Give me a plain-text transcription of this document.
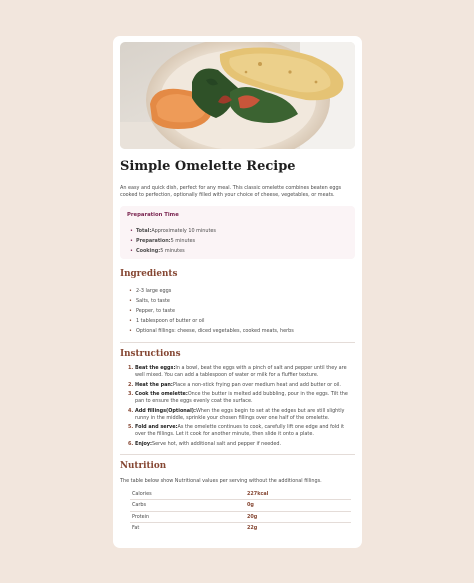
Simple Omelette Recipe

An easy and quick dish, perfect for any meal. This classic omelette combines beaten eggs cooked to perfection, optionally filled with your choice of cheese, vegetables, or meats.

Preparation Time
• Total:Approximately 10 minutes
• Preparation:5 minutes
• Cooking:5 minutes
Ingredients
• 2-3 large eggs
• Salts, to taste
• Pepper, to taste
• 1 tablespoon of butter or oil
• Optional fillings: cheese, diced vegetables, cooked meats, herbs
Instructions
1. Beat the eggs:In a bowl, beat the eggs with a pinch of salt and pepper until they are well mixed. You can add a tablespoon of water or milk for a fluffier texture.
2. Heat the pan:Place a non-stick frying pan over medium heat and add butter or oil.
3. Cook the omelette:Once the butter is melted add bubbling, pour in the eggs. Tilt the pan to ensure the eggs evenly coat the surface.
4. Add fillings(Optional):When the eggs begin to set at the edges but are still slightly runny in the middle, sprinkle your chosen fillings over one half of the omelette.
5. Fold and serve:As the omelette continues to cook, carefully lift one edge and fold it over the fillings. Let it cook for another minute, then slide it onto a plate.
6. Enjoy:Serve hot, with additional salt and pepper if needed.
Nutrition

The table below show Nutritional values per serving without the additional fillings.

Calories	227kcal
Carbs	0g
Protein	20g
Fat	22g
